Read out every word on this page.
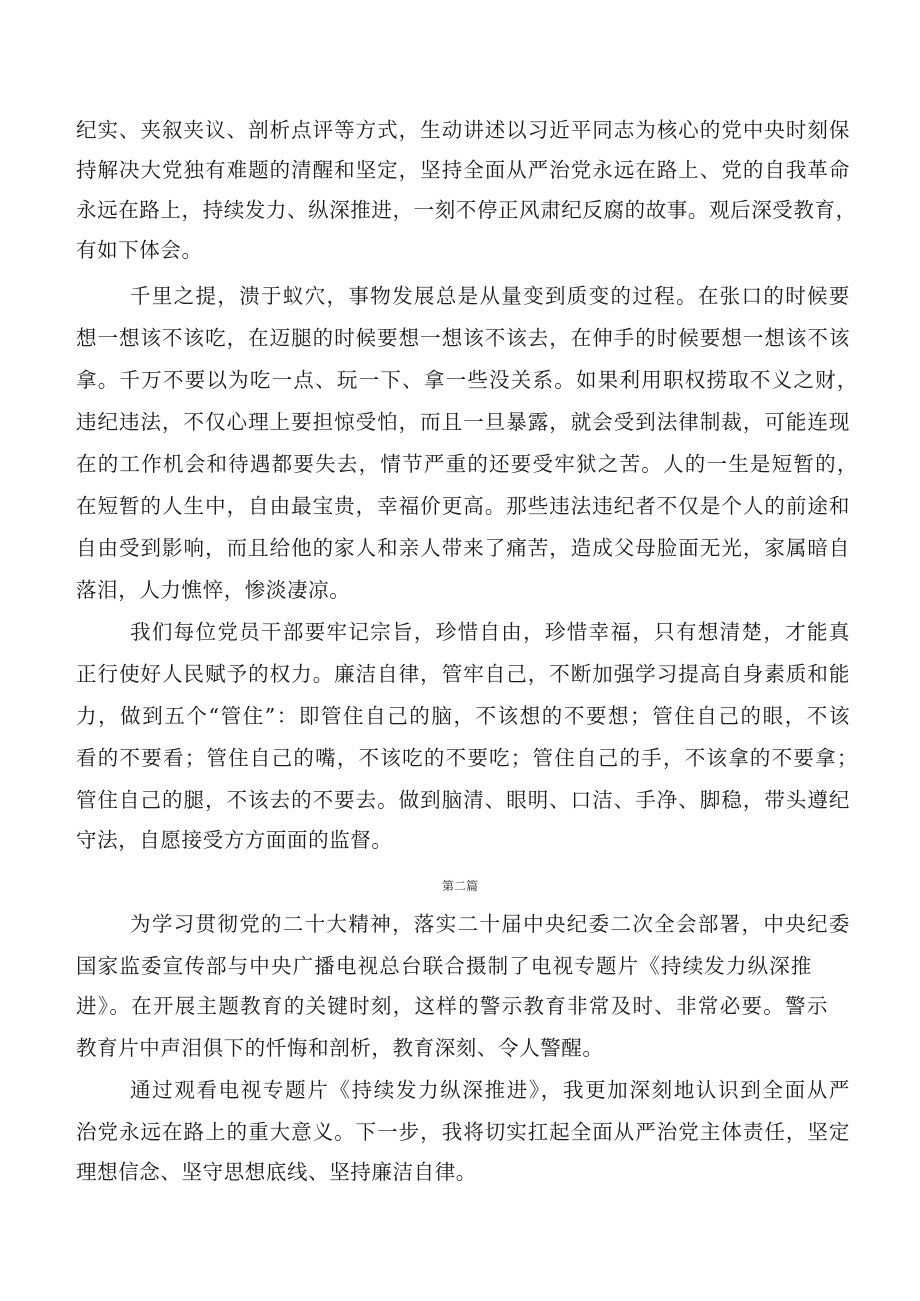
纪实、夹叙夹议、剖析点评等方式，生动讲述以习近平同志为核心的党中央时刻保
持解决大党独有难题的清醒和坚定，坚持全面从严治党永远在路上、党的自我革命
永远在路上，持续发力、纵深推进，一刻不停正风肃纪反腐的故事。观后深受教育，
有如下体会。
千里之提，溃于蚁穴，事物发展总是从量变到质变的过程。在张口的时候要
想一想该不该吃，在迈腿的时候要想一想该不该去，在伸手的时候要想一想该不该
拿。千万不要以为吃一点、玩一下、拿一些没关系。如果利用职权捞取不义之财，
违纪违法，不仅心理上要担惊受怕，而且一旦暴露，就会受到法律制裁，可能连现
在的工作机会和待遇都要失去，情节严重的还要受牢狱之苦。人的一生是短暂的，
在短暂的人生中，自由最宝贵，幸福价更高。那些违法违纪者不仅是个人的前途和
自由受到影响，而且给他的家人和亲人带来了痛苦，造成父母脸面无光，家属暗自
落泪，人力憔悴，惨淡凄凉。
我们每位党员干部要牢记宗旨，珍惜自由，珍惜幸福，只有想清楚，才能真
正行使好人民赋予的权力。廉洁自律，管牢自己，不断加强学习提高自身素质和能
力，做到五个“管住”：即管住自己的脑，不该想的不要想；管住自己的眼，不该
看的不要看；管住自己的嘴，不该吃的不要吃；管住自己的手，不该拿的不要拿；
管住自己的腿，不该去的不要去。做到脑清、眼明、口洁、手净、脚稳，带头遵纪
守法，自愿接受方方面面的监督。
第二篇
为学习贯彻党的二十大精神，落实二十届中央纪委二次全会部署，中央纪委
国家监委宣传部与中央广播电视总台联合摄制了电视专题片《持续发力纵深推
进》。在开展主题教育的关键时刻，这样的警示教育非常及时、非常必要。警示
教育片中声泪俱下的忏悔和剖析，教育深刻、令人警醒。
通过观看电视专题片《持续发力纵深推进》，我更加深刻地认识到全面从严
治党永远在路上的重大意义。下一步，我将切实扛起全面从严治党主体责任，坚定
理想信念、坚守思想底线、坚持廉洁自律。
